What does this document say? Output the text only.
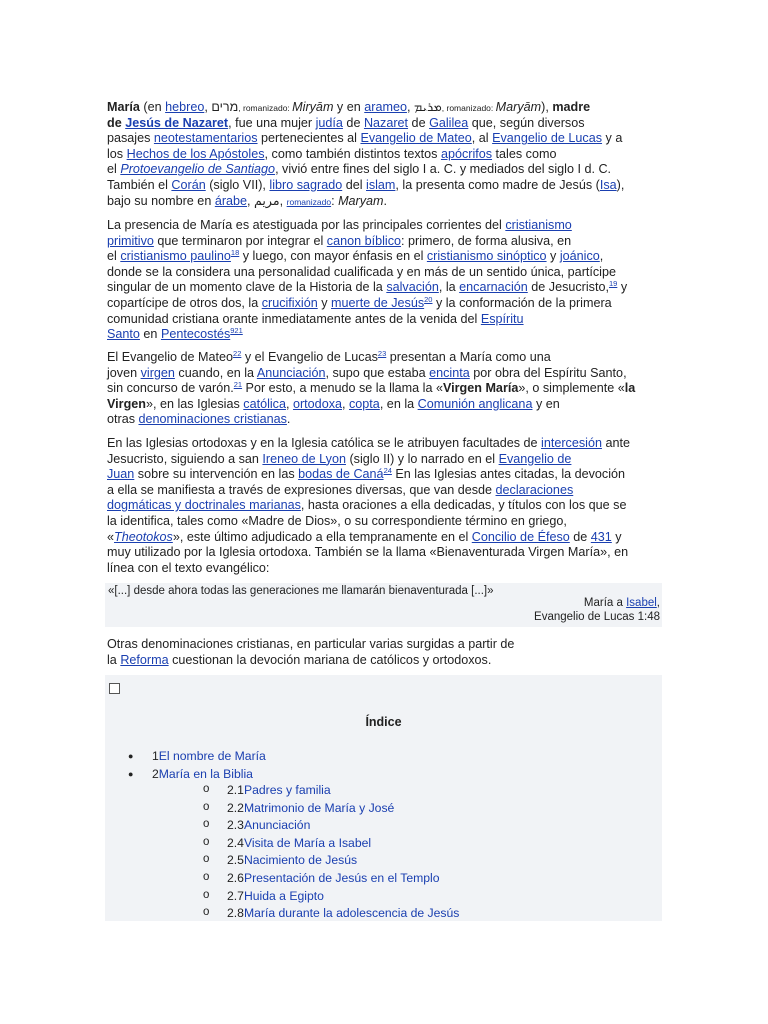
María (en hebreo, מרים, romanizado: Miryām y en arameo, ܡܪܝܡ, romanizado: Maryām), madre
de Jesús de Nazaret, fue una mujer judía de Nazaret de Galilea que, según diversos
pasajes neotestamentarios pertenecientes al Evangelio de Mateo, al Evangelio de Lucas y a
los Hechos de los Apóstoles, como también distintos textos apócrifos tales como
el Protoevangelio de Santiago, vivió entre fines del siglo I a. C. y mediados del siglo I d. C.
También el Corán (siglo VII), libro sagrado del islam, la presenta como madre de Jesús (Isa),
bajo su nombre en árabe, مريم, romanizado: Maryam.
La presencia de María es atestiguada por las principales corrientes del cristianismo
primitivo que terminaron por integrar el canon bíblico: primero, de forma alusiva, en
el cristianismo paulino$^{18}$ y luego, con mayor énfasis en el cristianismo sinóptico y joánico,
donde se la considera una personalidad cualificada y en más de un sentido única, partícipe
singular de un momento clave de la Historia de la salvación, la encarnación de Jesucristo,$^{19}$ y
copartícipe de otros dos, la crucifixión y muerte de Jesús$^{20}$ y la conformación de la primera
comunidad cristiana orante inmediatamente antes de la venida del Espíritu
Santo en Pentecostés$^{921}$
El Evangelio de Mateo$^{22}$ y el Evangelio de Lucas$^{23}$ presentan a María como una
joven virgen cuando, en la Anunciación, supo que estaba encinta por obra del Espíritu Santo,
sin concurso de varón.$^{21}$ Por esto, a menudo se la llama la «Virgen María», o simplemente «la
Virgen», en las Iglesias católica, ortodoxa, copta, en la Comunión anglicana y en
otras denominaciones cristianas.
En las Iglesias ortodoxas y en la Iglesia católica se le atribuyen facultades de intercesión ante
Jesucristo, siguiendo a san Ireneo de Lyon (siglo II) y lo narrado en el Evangelio de
Juan sobre su intervención en las bodas de Caná$^{24}$ En las Iglesias antes citadas, la devoción
a ella se manifiesta a través de expresiones diversas, que van desde declaraciones
dogmáticas y doctrinales marianas, hasta oraciones a ella dedicadas, y títulos con los que se
la identifica, tales como «Madre de Dios», o su correspondiente término en griego,
«Theotokos», este último adjudicado a ella tempranamente en el Concilio de Éfeso de 431 y
muy utilizado por la Iglesia ortodoxa. También se la llama «Bienaventurada Virgen María», en
línea con el texto evangélico:
«[...] desde ahora todas las generaciones me llamarán bienaventurada [...]»
María a Isabel,
Evangelio de Lucas 1:48
Otras denominaciones cristianas, en particular varias surgidas a partir de
la Reforma cuestionan la devoción mariana de católicos y ortodoxos.
Índice
● 1El nombre de María
● 2María en la Biblia
o 2.1Padres y familia
o 2.2Matrimonio de María y José
o 2.3Anunciación
o 2.4Visita de María a Isabel
o 2.5Nacimiento de Jesús
o 2.6Presentación de Jesús en el Templo
o 2.7Huida a Egipto
o 2.8María durante la adolescencia de Jesús
